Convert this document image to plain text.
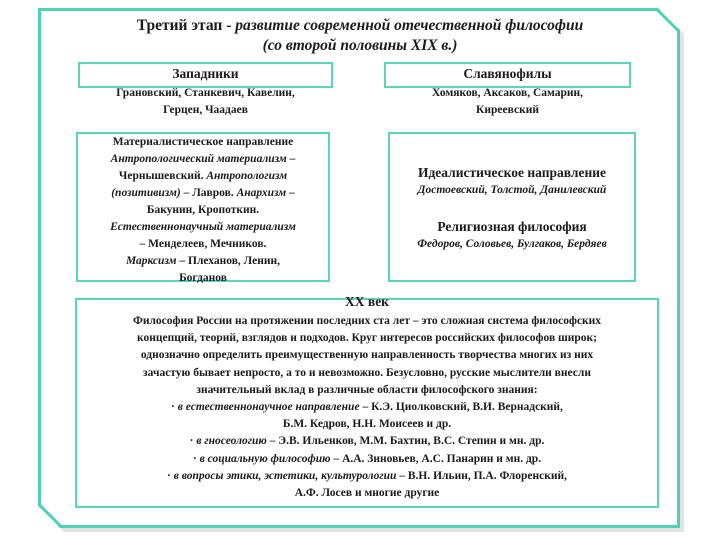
Третий этап - развитие современной отечественной философии
(со второй половины XIX в.)
Западники
Грановский, Станкевич, Кавелин,
Герцен, Чаадаев
Славянофилы
Хомяков, Аксаков, Самарин,
Киреевский
Материалистическое направление
Антропологический материализм –
Чернышевский. Антропологизм
(позитивизм) – Лавров. Анархизм –
Бакунин, Кропоткин.
Естественнонаучный материализм
– Менделеев, Мечников.
Марксизм – Плеханов, Ленин,
Богданов
Идеалистическое направление
Достоевский, Толстой, Данилевский
Религиозная философия
Федоров, Соловьев, Булгаков, Бердяев
XX век
Философия России на протяжении последних ста лет – это сложная система философских
концепций, теорий, взглядов и подходов. Круг интересов российских философов широк;
однозначно определить преимущественную направленность творчества многих из них
зачастую бывает непросто, а то и невозможно. Безусловно, русские мыслители внесли
значительный вклад в различные области философского знания:
· в естественнонаучное направление – К.Э. Циолковский, В.И. Вернадский,
Б.М. Кедров, Н.Н. Моисеев и др.
· в гносеологию – Э.В. Ильенков, М.М. Бахтин, В.С. Степин и мн. др.
· в социальную философию – А.А. Зиновьев, А.С. Панарин и мн. др.
· в вопросы этики, эстетики, культурологии – В.Н. Ильин, П.А. Флоренский,
А.Ф. Лосев и многие другие
